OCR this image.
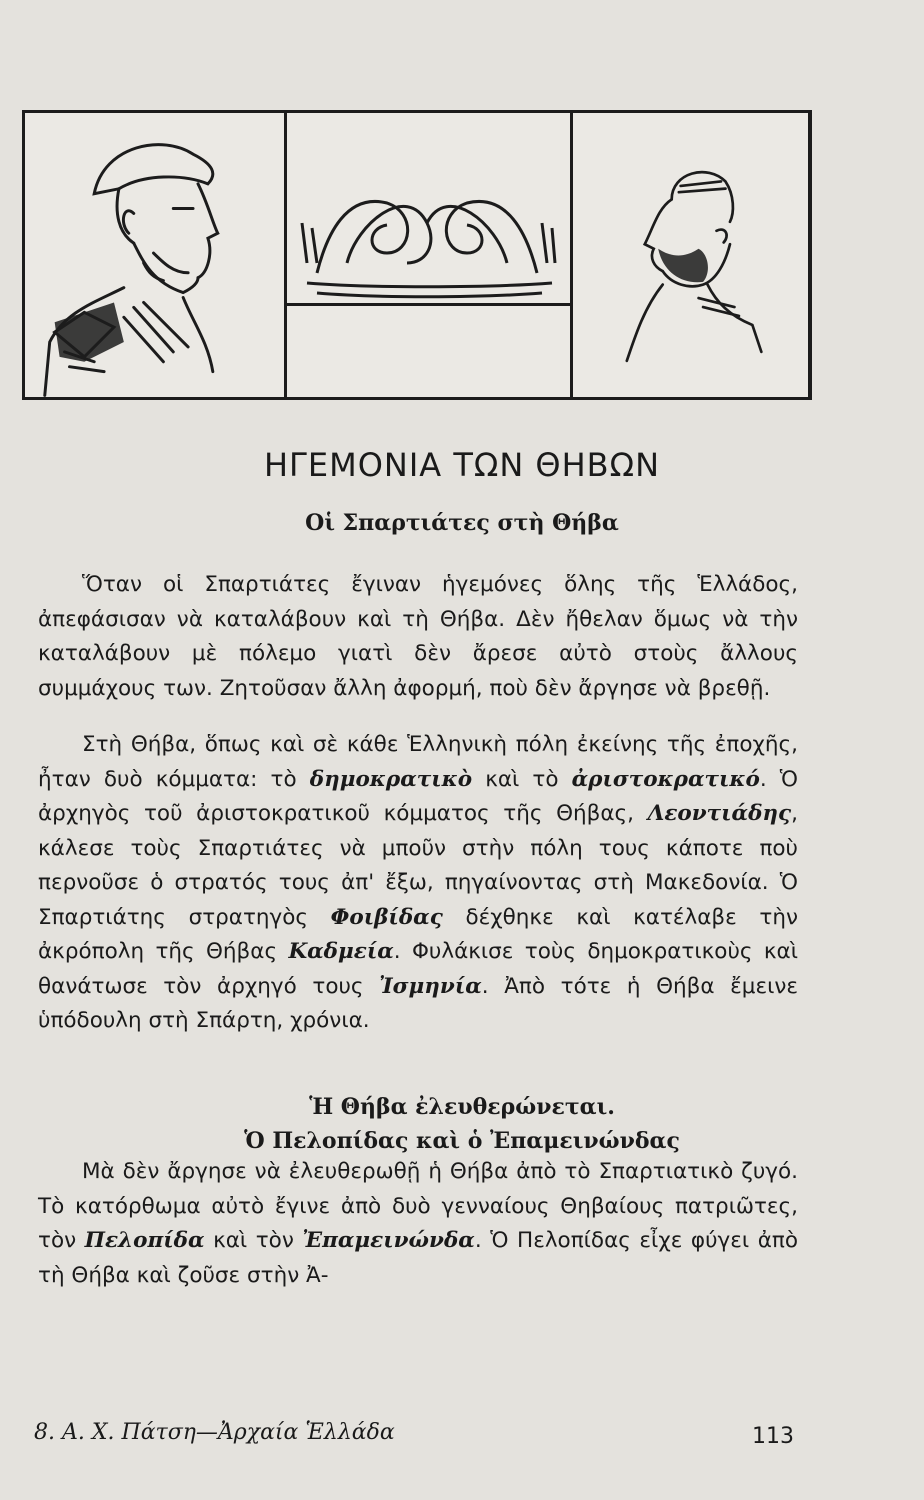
ΗΓΕΜΟΝΙΑ ΤΩΝ ΘΗΒΩΝ
Οἱ Σπαρτιάτες στὴ Θήβα
Ὅταν οἱ Σπαρτιάτες ἔγιναν ἡγεμόνες ὅλης τῆς Ἑλλάδος, ἀπεφάσισαν νὰ καταλάβουν καὶ τὴ Θήβα. Δὲν ἤθελαν ὅμως νὰ τὴν καταλάβουν μὲ πόλεμο γιατὶ δὲν ἄρεσε αὐτὸ στοὺς ἄλλους συμμάχους των. Ζητοῦσαν ἄλλη ἀφορμή, ποὺ δὲν ἄργησε νὰ βρεθῇ.
Στὴ Θήβα, ὅπως καὶ σὲ κάθε Ἑλληνικὴ πόλη ἐκείνης τῆς ἐποχῆς, ἦταν δυὸ κόμματα: τὸ δημοκρατικὸ καὶ τὸ ἀριστοκρατικό. Ὁ ἀρχηγὸς τοῦ ἀριστοκρατικοῦ κόμματος τῆς Θήβας, Λεοντιάδης, κάλεσε τοὺς Σπαρτιάτες νὰ μποῦν στὴν πόλη τους κάποτε ποὺ περνοῦσε ὁ στρατός τους ἀπ' ἔξω, πηγαίνοντας στὴ Μακεδονία. Ὁ Σπαρτιάτης στρατηγὸς Φοιβίδας δέχθηκε καὶ κατέλαβε τὴν ἀκρόπολη τῆς Θήβας Καδμεία. Φυλάκισε τοὺς δημοκρατικοὺς καὶ θανάτωσε τὸν ἀρχηγό τους Ἰσμηνία. Ἀπὸ τότε ἡ Θήβα ἔμεινε ὑπόδουλη στὴ Σπάρτη, χρόνια.
Ἡ Θήβα ἐλευθερώνεται.
Ὁ Πελοπίδας καὶ ὁ Ἐπαμεινώνδας
Μὰ δὲν ἄργησε νὰ ἐλευθερωθῇ ἡ Θήβα ἀπὸ τὸ Σπαρτιατικὸ ζυγό. Τὸ κατόρθωμα αὐτὸ ἔγινε ἀπὸ δυὸ γενναίους Θηβαίους πατριῶτες, τὸν Πελοπίδα καὶ τὸν Ἐπαμεινώνδα. Ὁ Πελοπίδας εἶχε φύγει ἀπὸ τὴ Θήβα καὶ ζοῦσε στὴν Ἀ-
8. Α. Χ. Πάτση—Ἀρχαία Ἑλλάδα	113
